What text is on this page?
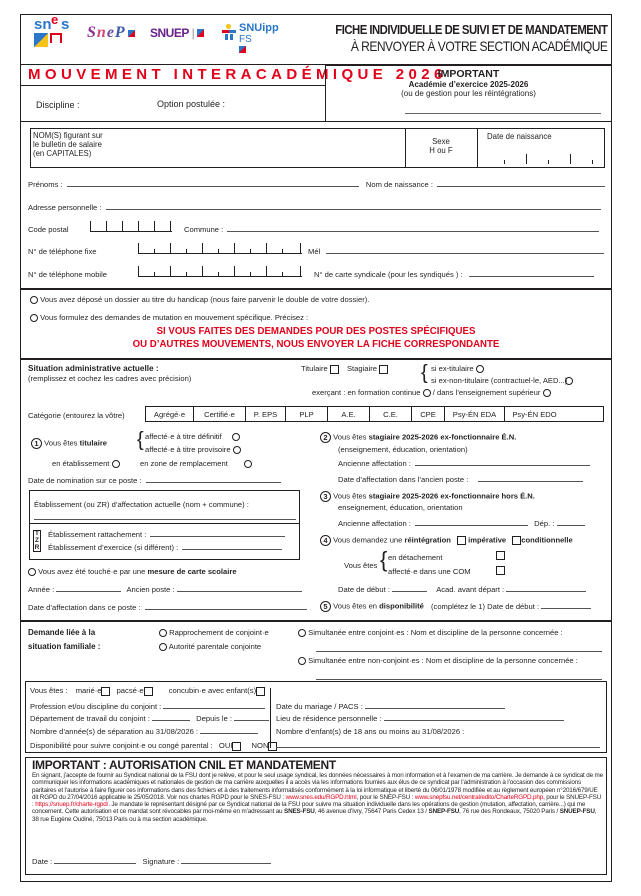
sn e s SneP	SNUEP |	SNUipp
FS
FICHE INDIVIDUELLE DE SUIVI ET DE MANDATEMENT
À RENVOYER À VOTRE SECTION ACADÉMIQUE
MOUVEMENT INTERACADÉMIQUE 2026
Discipline :	Option postulée :
IMPORTANT
Académie d’exercice 2025-2026
(ou de gestion pour les réintégrations)
NOM(S) figurant sur
le bulletin de salaire
(en CAPITALES)
Sexe
H ou F
Date de naissance
Prénoms :	Nom de naissance :
Adresse personnelle :
Code postal	Commune :
N° de téléphone fixe	Mél
N° de téléphone mobile	N° de carte syndicale (pour les syndiqués ) :
Vous avez déposé un dossier au titre du handicap (nous faire parvenir le double de votre dossier).
Vous formulez des demandes de mutation en mouvement spécifique. Précisez :
SI VOUS FAITES DES DEMANDES POUR DES POSTES SPÉCIFIQUES
OU D’AUTRES MOUVEMENTS, NOUS ENVOYER LA FICHE CORRESPONDANTE
Situation administrative actuelle :
(remplissez et cochez les cadres avec précision)
Titulaire	Stagiaire	{ si ex-titulaire
si ex-non-titulaire (contractuel-le, AED...)
exerçant : en formation continue / dans l’enseignement supérieur
Catégorie (entourez la vôtre)	Agrégé·e	Certifié·e	P. EPS	PLP	A.E.	C.E.	CPE	Psy-ÉN EDA	Psy-ÉN EDO
1 Vous êtes titulaire { affecté·e à titre définitif
affecté·e à titre provisoire
en établissement	en zone de remplacement
Date de nomination sur ce poste :
Établissement (ou ZR) d’affectation actuelle (nom + commune) :
T
Z
R
Établissement rattachement :
Établissement d’exercice (si différent) :
Vous avez été touché·e par une mesure de carte scolaire
Année :	Ancien poste :
Date d’affectation dans ce poste :
2 Vous êtes stagiaire 2025-2026 ex-fonctionnaire É.N.
(enseignement, éducation, orientation)
Ancienne affectation :
Date d’affectation dans l’ancien poste :
3 Vous êtes stagiaire 2025-2026 ex-fonctionnaire hors É.N.
enseignement, éducation, orientation
Ancienne affectation :	Dép. :
4 Vous demandez une réintégration impérative conditionnelle
Vous êtes { en détachement
affecté·e dans une COM
Date de début :	Acad. avant départ :
5 Vous êtes en disponibilité (complétez le 1) Date de début :
Demande liée à la
situation familiale :
Rapprochement de conjoint·e
Autorité parentale conjointe
Simultanée entre conjoint·es : Nom et discipline de la personne concernée :
Simultanée entre non-conjoint·es : Nom et discipline de la personne concernée :
Vous êtes : marié·e pacsé·e	concubin·e avec enfant(s)
Profession et/ou discipline du conjoint :
Département de travail du conjoint :	Depuis le :
Nombre d’année(s) de séparation au 31/08/2026 :
Disponibilité pour suivre conjoint·e ou congé parental : OUI	NON
Date du mariage / PACS :
Lieu de résidence personnelle :
Nombre d’enfant(s) de 18 ans ou moins au 31/08/2026 :
IMPORTANT : AUTORISATION CNIL ET MANDATEMENT
En signant, j’accepte de fournir au Syndicat national de la FSU dont je relève, et pour le seul usage syndical, les données nécessaires à mon information et à l’examen de ma carrière. Je demande à ce syndicat de me communiquer les informations académiques et nationales de gestion de ma carrière auxquelles il a accès via les informations fournies aux élus de ce syndicat par l’administration à l’occasion des commissions paritaires et l’autorise à faire figurer ces informations dans des fichiers et à des traitements informatisés conformément à la loi informatique et liberté du 06/01/1978 modifiée et au règlement européen n°2016/679/UE dit RGPD du 27/04/2016 applicable le 25/05/2018. Voir nos chartes RGPD pour le SNES-FSU : www.snes.edu/RGPD.html, pour le SNEP-FSU : www.snepfsu.net/central/edito/CharteRGPD.php, pour le SNUEP-FSU : https://snuep.fr/charte-rgpd/. Je mandate le représentant désigné par ce Syndicat national de la FSU pour suivre ma situation individuelle dans les opérations de gestion (mutation, affectation, carrière...) qui me concernent. Cette autorisation et ce mandat sont révocables par moi-même en m’adressant au SNES-FSU, 46 avenue d’Ivry, 75647 Paris Cedex 13 / SNEP-FSU, 76 rue des Rondeaux, 75020 Paris / SNUEP-FSU, 38 rue Eugène Oudiné, 75013 Paris ou à ma section académique.
Date :	Signature :
